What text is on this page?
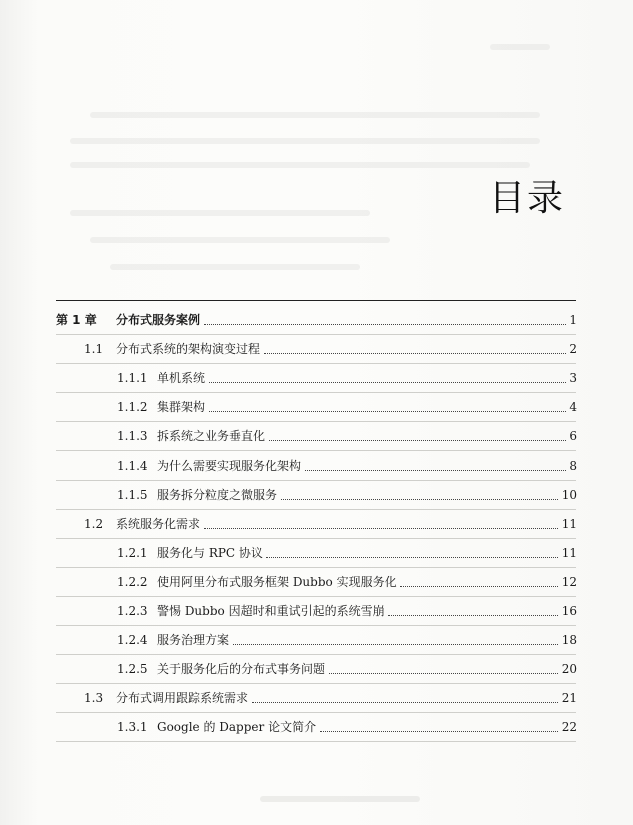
目录
第 1 章 分布式服务案例	1
1.1 分布式系统的架构演变过程	2
1.1.1 单机系统	3
1.1.2 集群架构	4
1.1.3 拆系统之业务垂直化	6
1.1.4 为什么需要实现服务化架构	8
1.1.5 服务拆分粒度之微服务	10
1.2 系统服务化需求	11
1.2.1 服务化与 RPC 协议	11
1.2.2 使用阿里分布式服务框架 Dubbo 实现服务化	12
1.2.3 警惕 Dubbo 因超时和重试引起的系统雪崩	16
1.2.4 服务治理方案	18
1.2.5 关于服务化后的分布式事务问题	20
1.3 分布式调用跟踪系统需求	21
1.3.1 Google 的 Dapper 论文简介	22
